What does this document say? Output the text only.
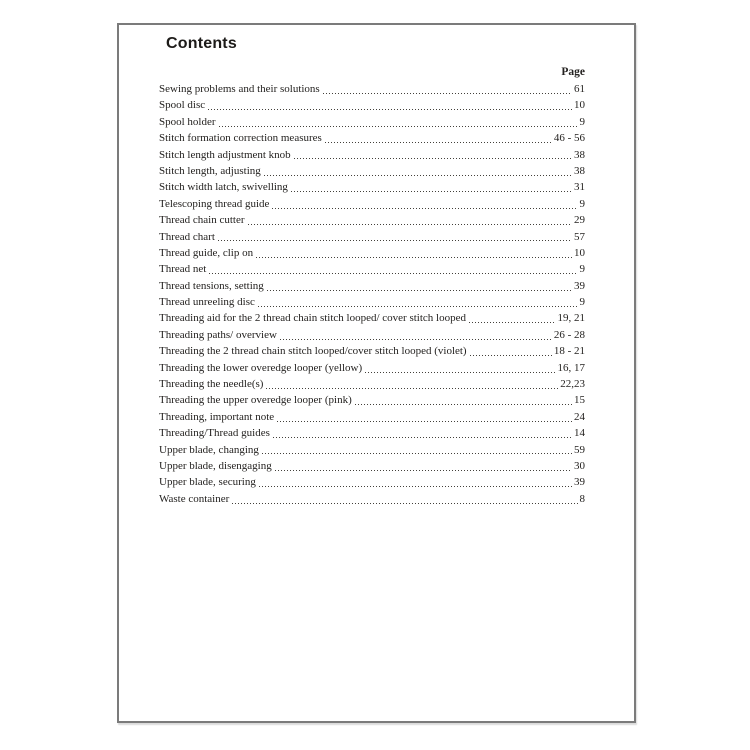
Contents
Page
Sewing problems and their solutions	61
Spool disc	10
Spool holder	9
Stitch formation correction measures	46 - 56
Stitch length adjustment knob	38
Stitch length, adjusting	38
Stitch width latch, swivelling	31
Telescoping thread guide	9
Thread chain cutter	29
Thread chart	57
Thread guide, clip on	10
Thread net	9
Thread tensions, setting	39
Thread unreeling disc	9
Threading aid for the 2 thread chain stitch looped/ cover stitch looped	19, 21
Threading paths/ overview	26 - 28
Threading the 2 thread chain stitch looped/cover stitch looped (violet)	18 - 21
Threading the lower overedge looper (yellow)	16, 17
Threading the needle(s)	22,23
Threading the upper overedge looper (pink)	15
Threading, important note	24
Threading/Thread guides	14
Upper blade, changing	59
Upper blade, disengaging	30
Upper blade, securing	39
Waste container	8
